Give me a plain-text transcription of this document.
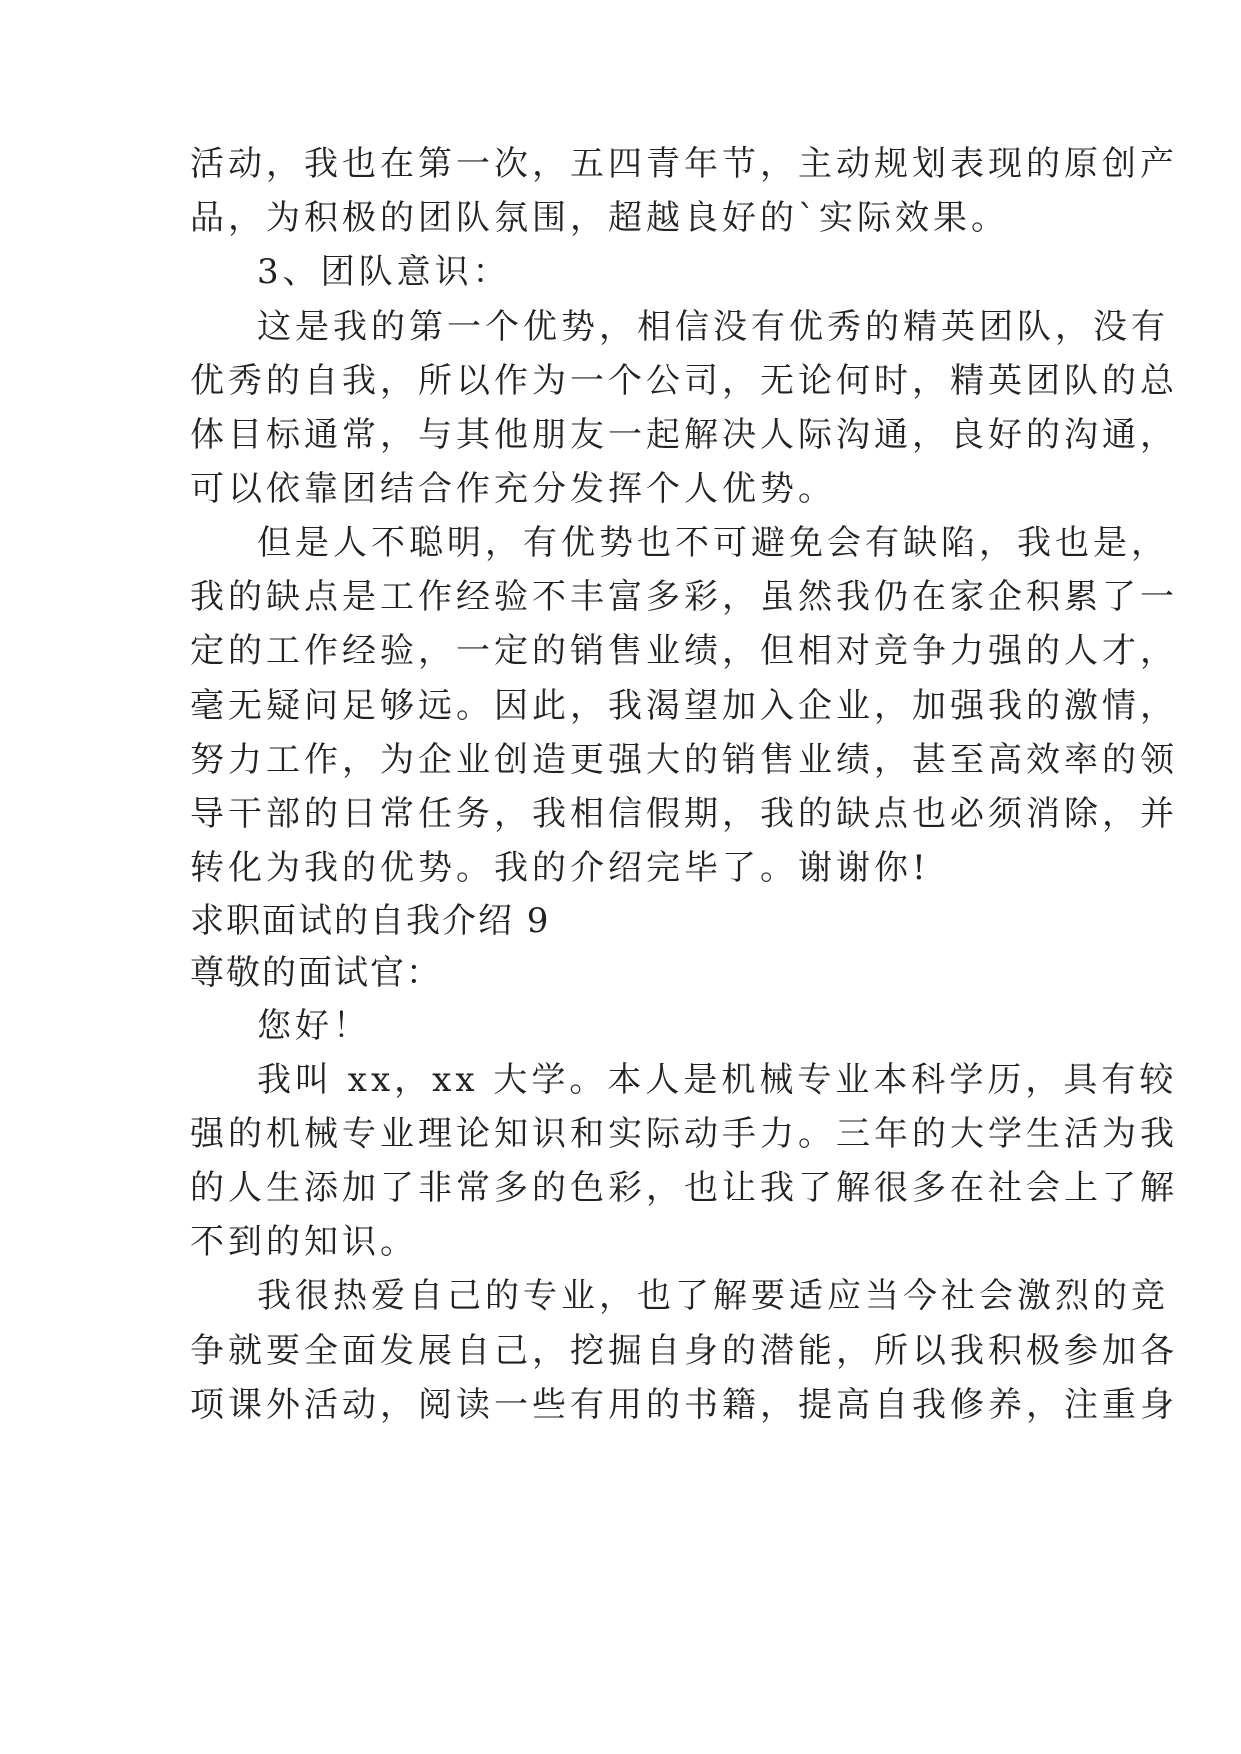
活动，我也在第一次，五四青年节，主动规划表现的原创产
品，为积极的团队氛围，超越良好的`实际效果。
3、团队意识：
这是我的第一个优势，相信没有优秀的精英团队，没有
优秀的自我，所以作为一个公司，无论何时，精英团队的总
体目标通常，与其他朋友一起解决人际沟通，良好的沟通，
可以依靠团结合作充分发挥个人优势。
但是人不聪明，有优势也不可避免会有缺陷，我也是，
我的缺点是工作经验不丰富多彩，虽然我仍在家企积累了一
定的工作经验，一定的销售业绩，但相对竞争力强的人才，
毫无疑问足够远。因此，我渴望加入企业，加强我的激情，
努力工作，为企业创造更强大的销售业绩，甚至高效率的领
导干部的日常任务，我相信假期，我的缺点也必须消除，并
转化为我的优势。我的介绍完毕了。谢谢你!
求职面试的自我介绍 9
尊敬的面试官：
您好！
我叫 xx，xx 大学。本人是机械专业本科学历，具有较
强的机械专业理论知识和实际动手力。三年的大学生活为我
的人生添加了非常多的色彩，也让我了解很多在社会上了解
不到的知识。
我很热爱自己的专业，也了解要适应当今社会激烈的竞
争就要全面发展自己，挖掘自身的潜能，所以我积极参加各
项课外活动，阅读一些有用的书籍，提高自我修养，注重身
